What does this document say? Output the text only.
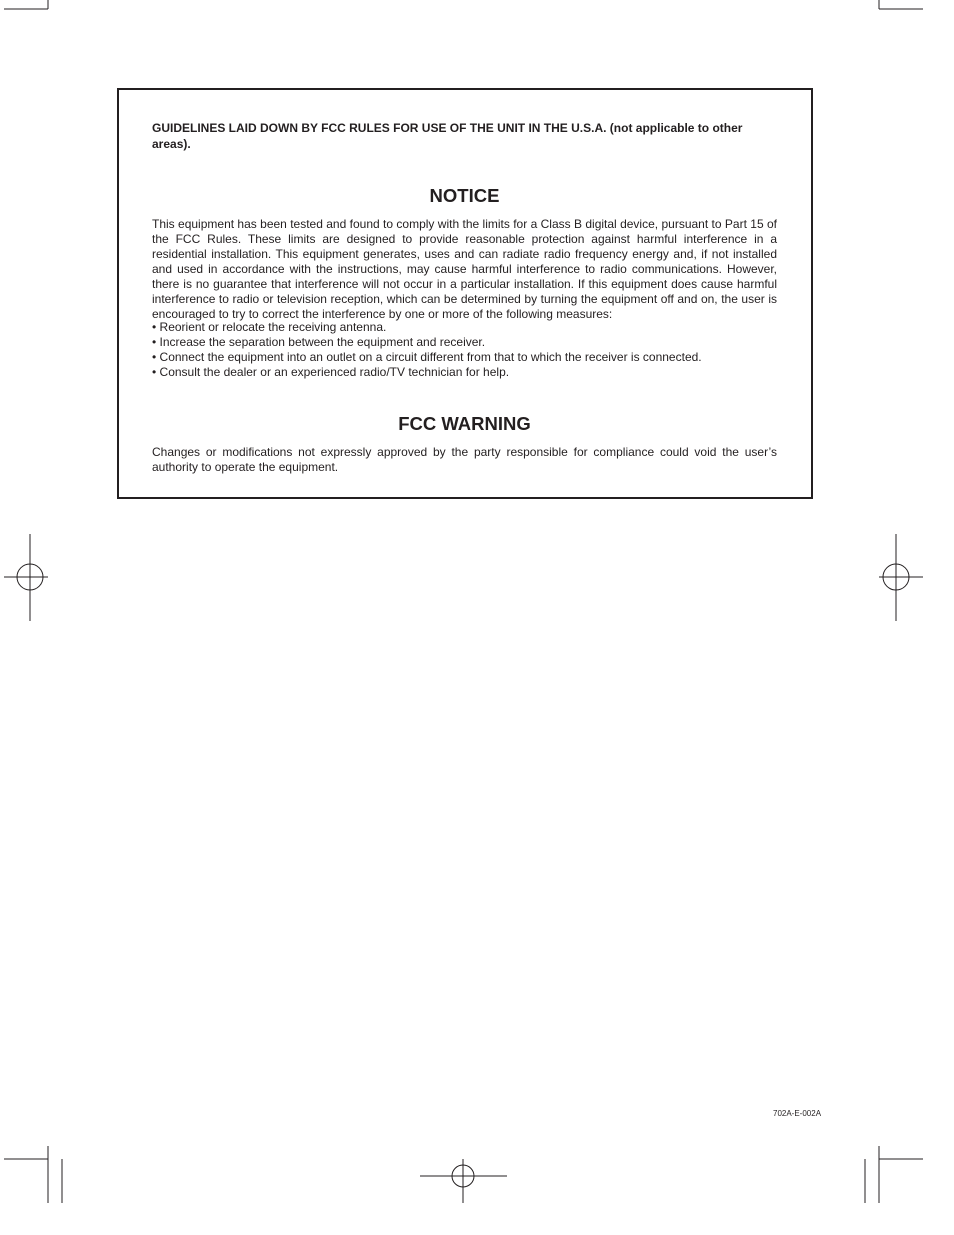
GUIDELINES LAID DOWN BY FCC RULES FOR USE OF THE UNIT IN THE U.S.A. (not applicable to other areas).
NOTICE
This equipment has been tested and found to comply with the limits for a Class B digital device, pursuant to Part 15 of the FCC Rules. These limits are designed to provide reasonable protection against harmful interference in a residential installation. This equipment generates, uses and can radiate radio frequency energy and, if not installed and used in accordance with the instructions, may cause harmful interference to radio communications. However, there is no guarantee that interference will not occur in a particular installation. If this equipment does cause harmful interference to radio or television reception, which can be determined by turning the equipment off and on, the user is encouraged to try to correct the interference by one or more of the following measures:
• Reorient or relocate the receiving antenna.
• Increase the separation between the equipment and receiver.
• Connect the equipment into an outlet on a circuit different from that to which the receiver is connected.
• Consult the dealer or an experienced radio/TV technician for help.
FCC WARNING
Changes or modifications not expressly approved by the party responsible for compliance could void the user’s authority to operate the equipment.
702A-E-002A
